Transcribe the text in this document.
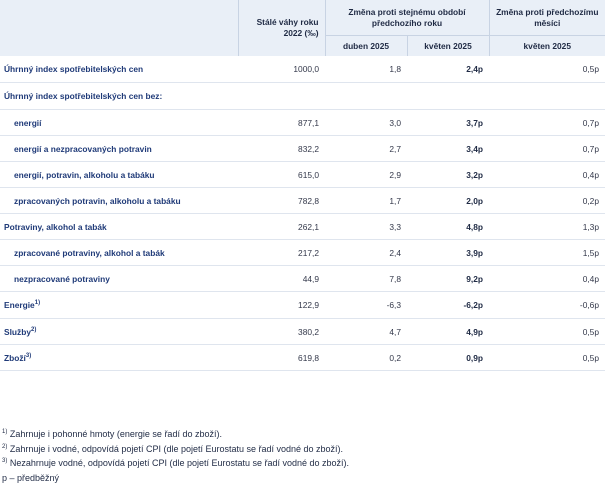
	Stálé váhy roku 2022 (‰)	Změna proti stejnému období předchozího roku		Změna proti předchozímu měsíci
		duben 2025	květen 2025	květen 2025
Úhrnný index spotřebitelských cen	1000,0	1,8	2,4p	0,5p
Úhrnný index spotřebitelských cen bez:				
energií	877,1	3,0	3,7p	0,7p
energií a nezpracovaných potravin	832,2	2,7	3,4p	0,7p
energií, potravin, alkoholu a tabáku	615,0	2,9	3,2p	0,4p
zpracovaných potravin, alkoholu a tabáku	782,8	1,7	2,0p	0,2p
Potraviny, alkohol a tabák	262,1	3,3	4,8p	1,3p
zpracované potraviny, alkohol a tabák	217,2	2,4	3,9p	1,5p
nezpracované potraviny	44,9	7,8	9,2p	0,4p
Energie$^{1)}$	122,9	-6,3	-6,2p	-0,6p
Služby$^{2)}$	380,2	4,7	4,9p	0,5p
Zboží$^{3)}$	619,8	0,2	0,9p	0,5p
$^{1)}$ Zahrnuje i pohonné hmoty (energie se řadí do zboží).
$^{2)}$ Zahrnuje i vodné, odpovídá pojetí CPI (dle pojetí Eurostatu se řadí vodné do zboží).
$^{3)}$ Nezahrnuje vodné, odpovídá pojetí CPI (dle pojetí Eurostatu se řadí vodné do zboží).
p – předběžný
